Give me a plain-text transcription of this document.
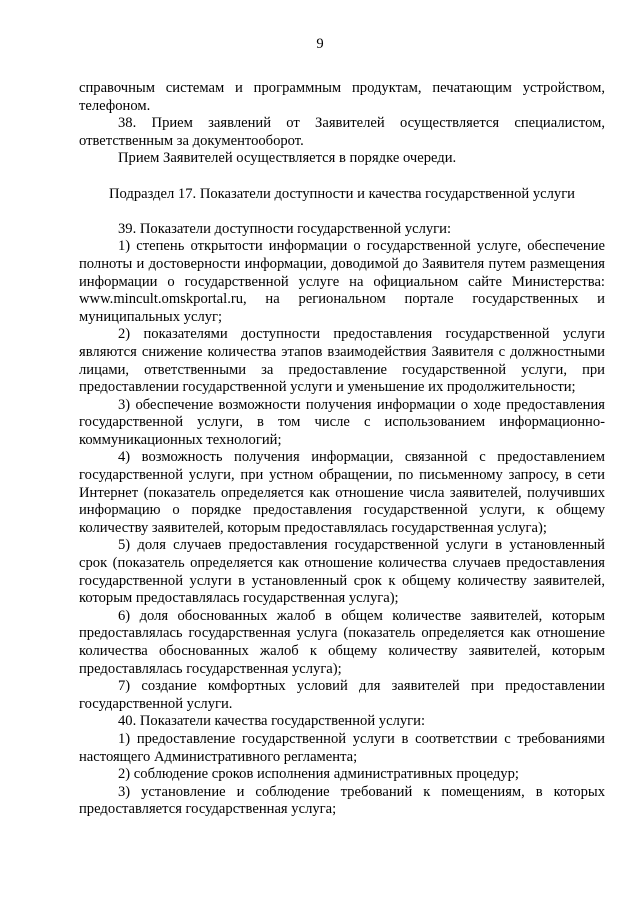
9

справочным системам и программным продуктам, печатающим устройством, телефоном.

38. Прием заявлений от Заявителей осуществляется специалистом, ответственным за документооборот.

Прием Заявителей осуществляется в порядке очереди.

Подраздел 17. Показатели доступности и качества государственной услуги

39. Показатели доступности государственной услуги:

1) степень открытости информации о государственной услуге, обеспечение полноты и достоверности информации, доводимой до Заявителя путем размещения информации о государственной услуге на официальном сайте Министерства: www.mincult.omskportal.ru, на региональном портале государственных и муниципальных услуг;

2) показателями доступности предоставления государственной услуги являются снижение количества этапов взаимодействия Заявителя с должностными лицами, ответственными за предоставление государственной услуги, при предоставлении государственной услуги и уменьшение их продолжительности;

3) обеспечение возможности получения информации о ходе предоставления государственной услуги, в том числе с использованием информационно-коммуникационных технологий;

4) возможность получения информации, связанной с предоставлением государственной услуги, при устном обращении, по письменному запросу, в сети Интернет (показатель определяется как отношение числа заявителей, получивших информацию о порядке предоставления государственной услуги, к общему количеству заявителей, которым предоставлялась государственная услуга);

5) доля случаев предоставления государственной услуги в установленный срок (показатель определяется как отношение количества случаев предоставления государственной услуги в установленный срок к общему количеству заявителей, которым предоставлялась государственная услуга);

6) доля обоснованных жалоб в общем количестве заявителей, которым предоставлялась государственная услуга (показатель определяется как отношение количества обоснованных жалоб к общему количеству заявителей, которым предоставлялась государственная услуга);

7) создание комфортных условий для заявителей при предоставлении государственной услуги.

40. Показатели качества государственной услуги:

1) предоставление государственной услуги в соответствии с требованиями настоящего Административного регламента;

2) соблюдение сроков исполнения административных процедур;

3) установление и соблюдение требований к помещениям, в которых предоставляется государственная услуга;
